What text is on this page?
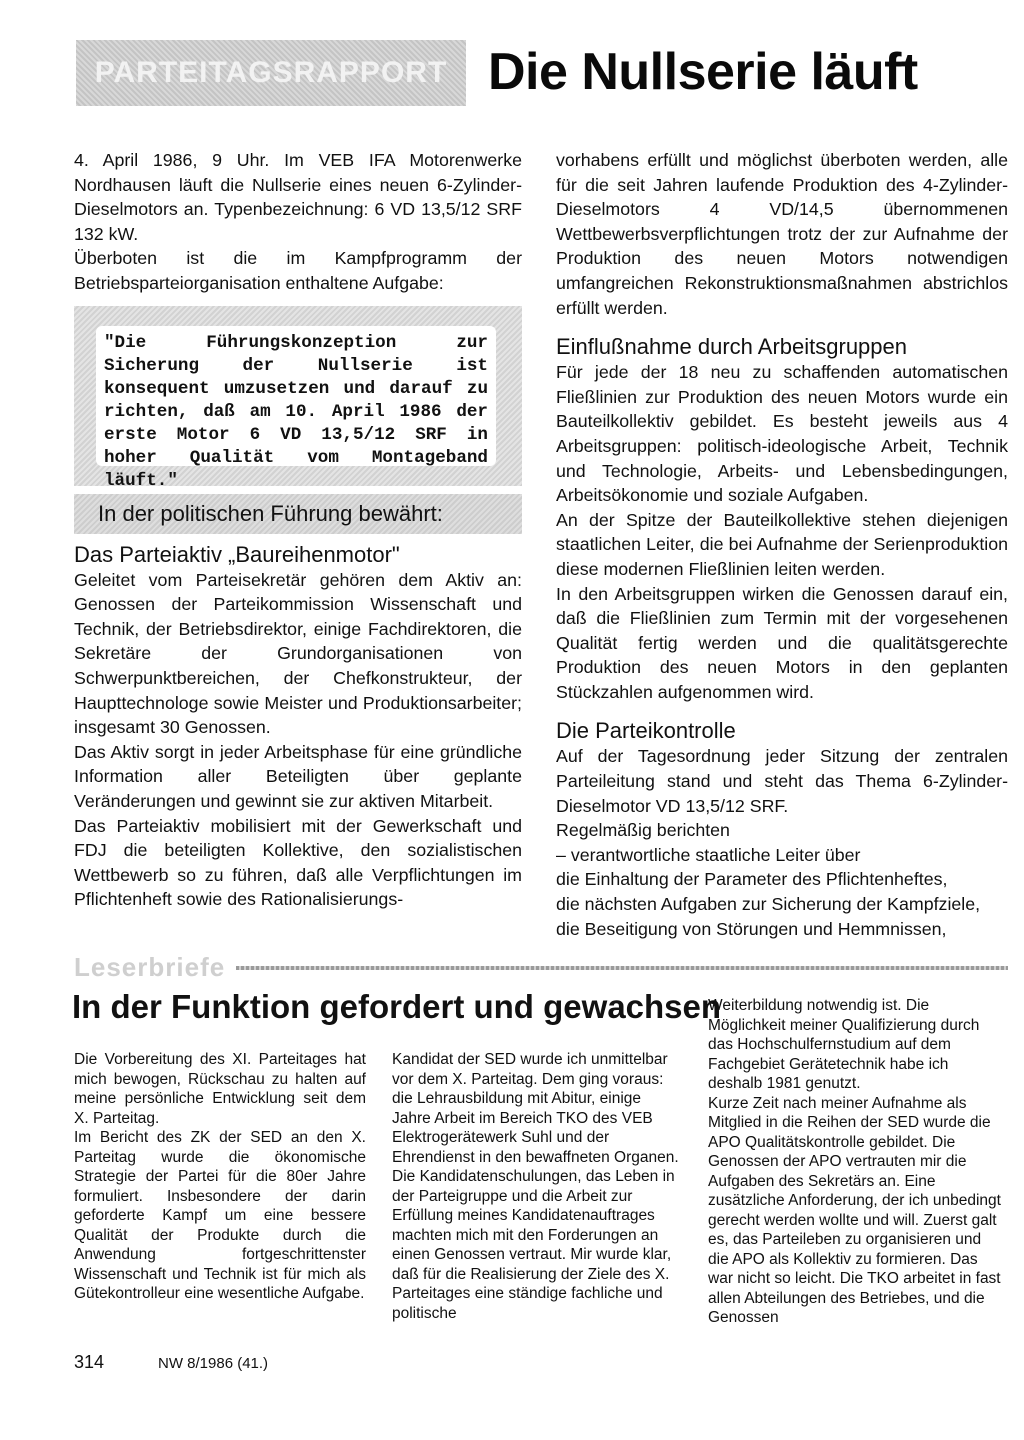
PARTEITAGSRAPPORT Die Nullserie läuft

4. April 1986, 9 Uhr. Im VEB IFA Motorenwerke Nordhausen läuft die Nullserie eines neuen 6-Zylinder-Dieselmotors an. Typenbezeichnung: 6 VD 13,5/12 SRF 132 kW.

Überboten ist die im Kampfprogramm der Betriebsparteiorganisation enthaltene Aufgabe:

"Die Führungskonzeption zur Sicherung der Nullserie ist konsequent umzusetzen und darauf zu richten, daß am 10. April 1986 der erste Motor 6 VD 13,5/12 SRF in hoher Qualität vom Montageband läuft."
In der politischen Führung bewährt:
Das Parteiaktiv „Baureihenmotor"

Geleitet vom Parteisekretär gehören dem Aktiv an: Genossen der Parteikommission Wissenschaft und Technik, der Betriebsdirektor, einige Fachdirektoren, die Sekretäre der Grundorganisationen von Schwerpunktbereichen, der Chefkonstrukteur, der Haupttechnologe sowie Meister und Produktionsarbeiter; insgesamt 30 Genossen.

Das Aktiv sorgt in jeder Arbeitsphase für eine gründliche Information aller Beteiligten über geplante Veränderungen und gewinnt sie zur aktiven Mitarbeit.

Das Parteiaktiv mobilisiert mit der Gewerkschaft und FDJ die beteiligten Kollektive, den sozialistischen Wettbewerb so zu führen, daß alle Verpflichtungen im Pflichtenheft sowie des Rationalisierungs-

vorhabens erfüllt und möglichst überboten werden, alle für die seit Jahren laufende Produktion des 4-Zylinder-Dieselmotors 4 VD/14,5 übernommenen Wettbewerbsverpflichtungen trotz der zur Aufnahme der Produktion des neuen Motors notwendigen umfangreichen Rekonstruktionsmaßnahmen abstrichlos erfüllt werden.

Einflußnahme durch Arbeitsgruppen

Für jede der 18 neu zu schaffenden automatischen Fließlinien zur Produktion des neuen Motors wurde ein Bauteilkollektiv gebildet. Es besteht jeweils aus 4 Arbeitsgruppen: politisch-ideologische Arbeit, Technik und Technologie, Arbeits- und Lebensbedingungen, Arbeitsökonomie und soziale Aufgaben.

An der Spitze der Bauteilkollektive stehen diejenigen staatlichen Leiter, die bei Aufnahme der Serienproduktion diese modernen Fließlinien leiten werden.

In den Arbeitsgruppen wirken die Genossen darauf ein, daß die Fließlinien zum Termin mit der vorgesehenen Qualität fertig werden und die qualitätsgerechte Produktion des neuen Motors in den geplanten Stückzahlen aufgenommen wird.

Die Parteikontrolle

Auf der Tagesordnung jeder Sitzung der zentralen Parteileitung stand und steht das Thema 6-Zylinder-Dieselmotor VD 13,5/12 SRF.

Regelmäßig berichten

– verantwortliche staatliche Leiter über

die Einhaltung der Parameter des Pflichtenheftes,

die nächsten Aufgaben zur Sicherung der Kampfziele,

die Beseitigung von Störungen und Hemmnissen,

Leserbriefe
In der Funktion gefordert und gewachsen

Die Vorbereitung des XI. Parteitages hat mich bewogen, Rückschau zu halten auf meine persönliche Entwicklung seit dem X. Parteitag.

Im Bericht des ZK der SED an den X. Parteitag wurde die ökonomische Strategie der Partei für die 80er Jahre formuliert. Insbesondere der darin geforderte Kampf um eine bessere Qualität der Produkte durch die Anwendung fortgeschrittenster Wissenschaft und Technik ist für mich als Gütekontrolleur eine wesentliche Aufgabe.

Kandidat der SED wurde ich unmittelbar vor dem X. Parteitag. Dem ging voraus: die Lehrausbildung mit Abitur, einige Jahre Arbeit im Bereich TKO des VEB Elektrogerätewerk Suhl und der Ehrendienst in den bewaffneten Organen. Die Kandidatenschulungen, das Leben in der Parteigruppe und die Arbeit zur Erfüllung meines Kandidatenauftrages machten mich mit den Forderungen an einen Genossen vertraut. Mir wurde klar, daß für die Realisierung der Ziele des X. Parteitages eine ständige fachliche und politische

Weiterbildung notwendig ist. Die Möglichkeit meiner Qualifizierung durch das Hochschulfernstudium auf dem Fachgebiet Gerätetechnik habe ich deshalb 1981 genutzt.

Kurze Zeit nach meiner Aufnahme als Mitglied in die Reihen der SED wurde die APO Qualitätskontrolle gebildet. Die Genossen der APO vertrauten mir die Aufgaben des Sekretärs an. Eine zusätzliche Anforderung, der ich unbedingt gerecht werden wollte und will. Zuerst galt es, das Parteileben zu organisieren und die APO als Kollektiv zu formieren. Das war nicht so leicht. Die TKO arbeitet in fast allen Abteilungen des Betriebes, und die Genossen

314	NW 8/1986 (41.)
